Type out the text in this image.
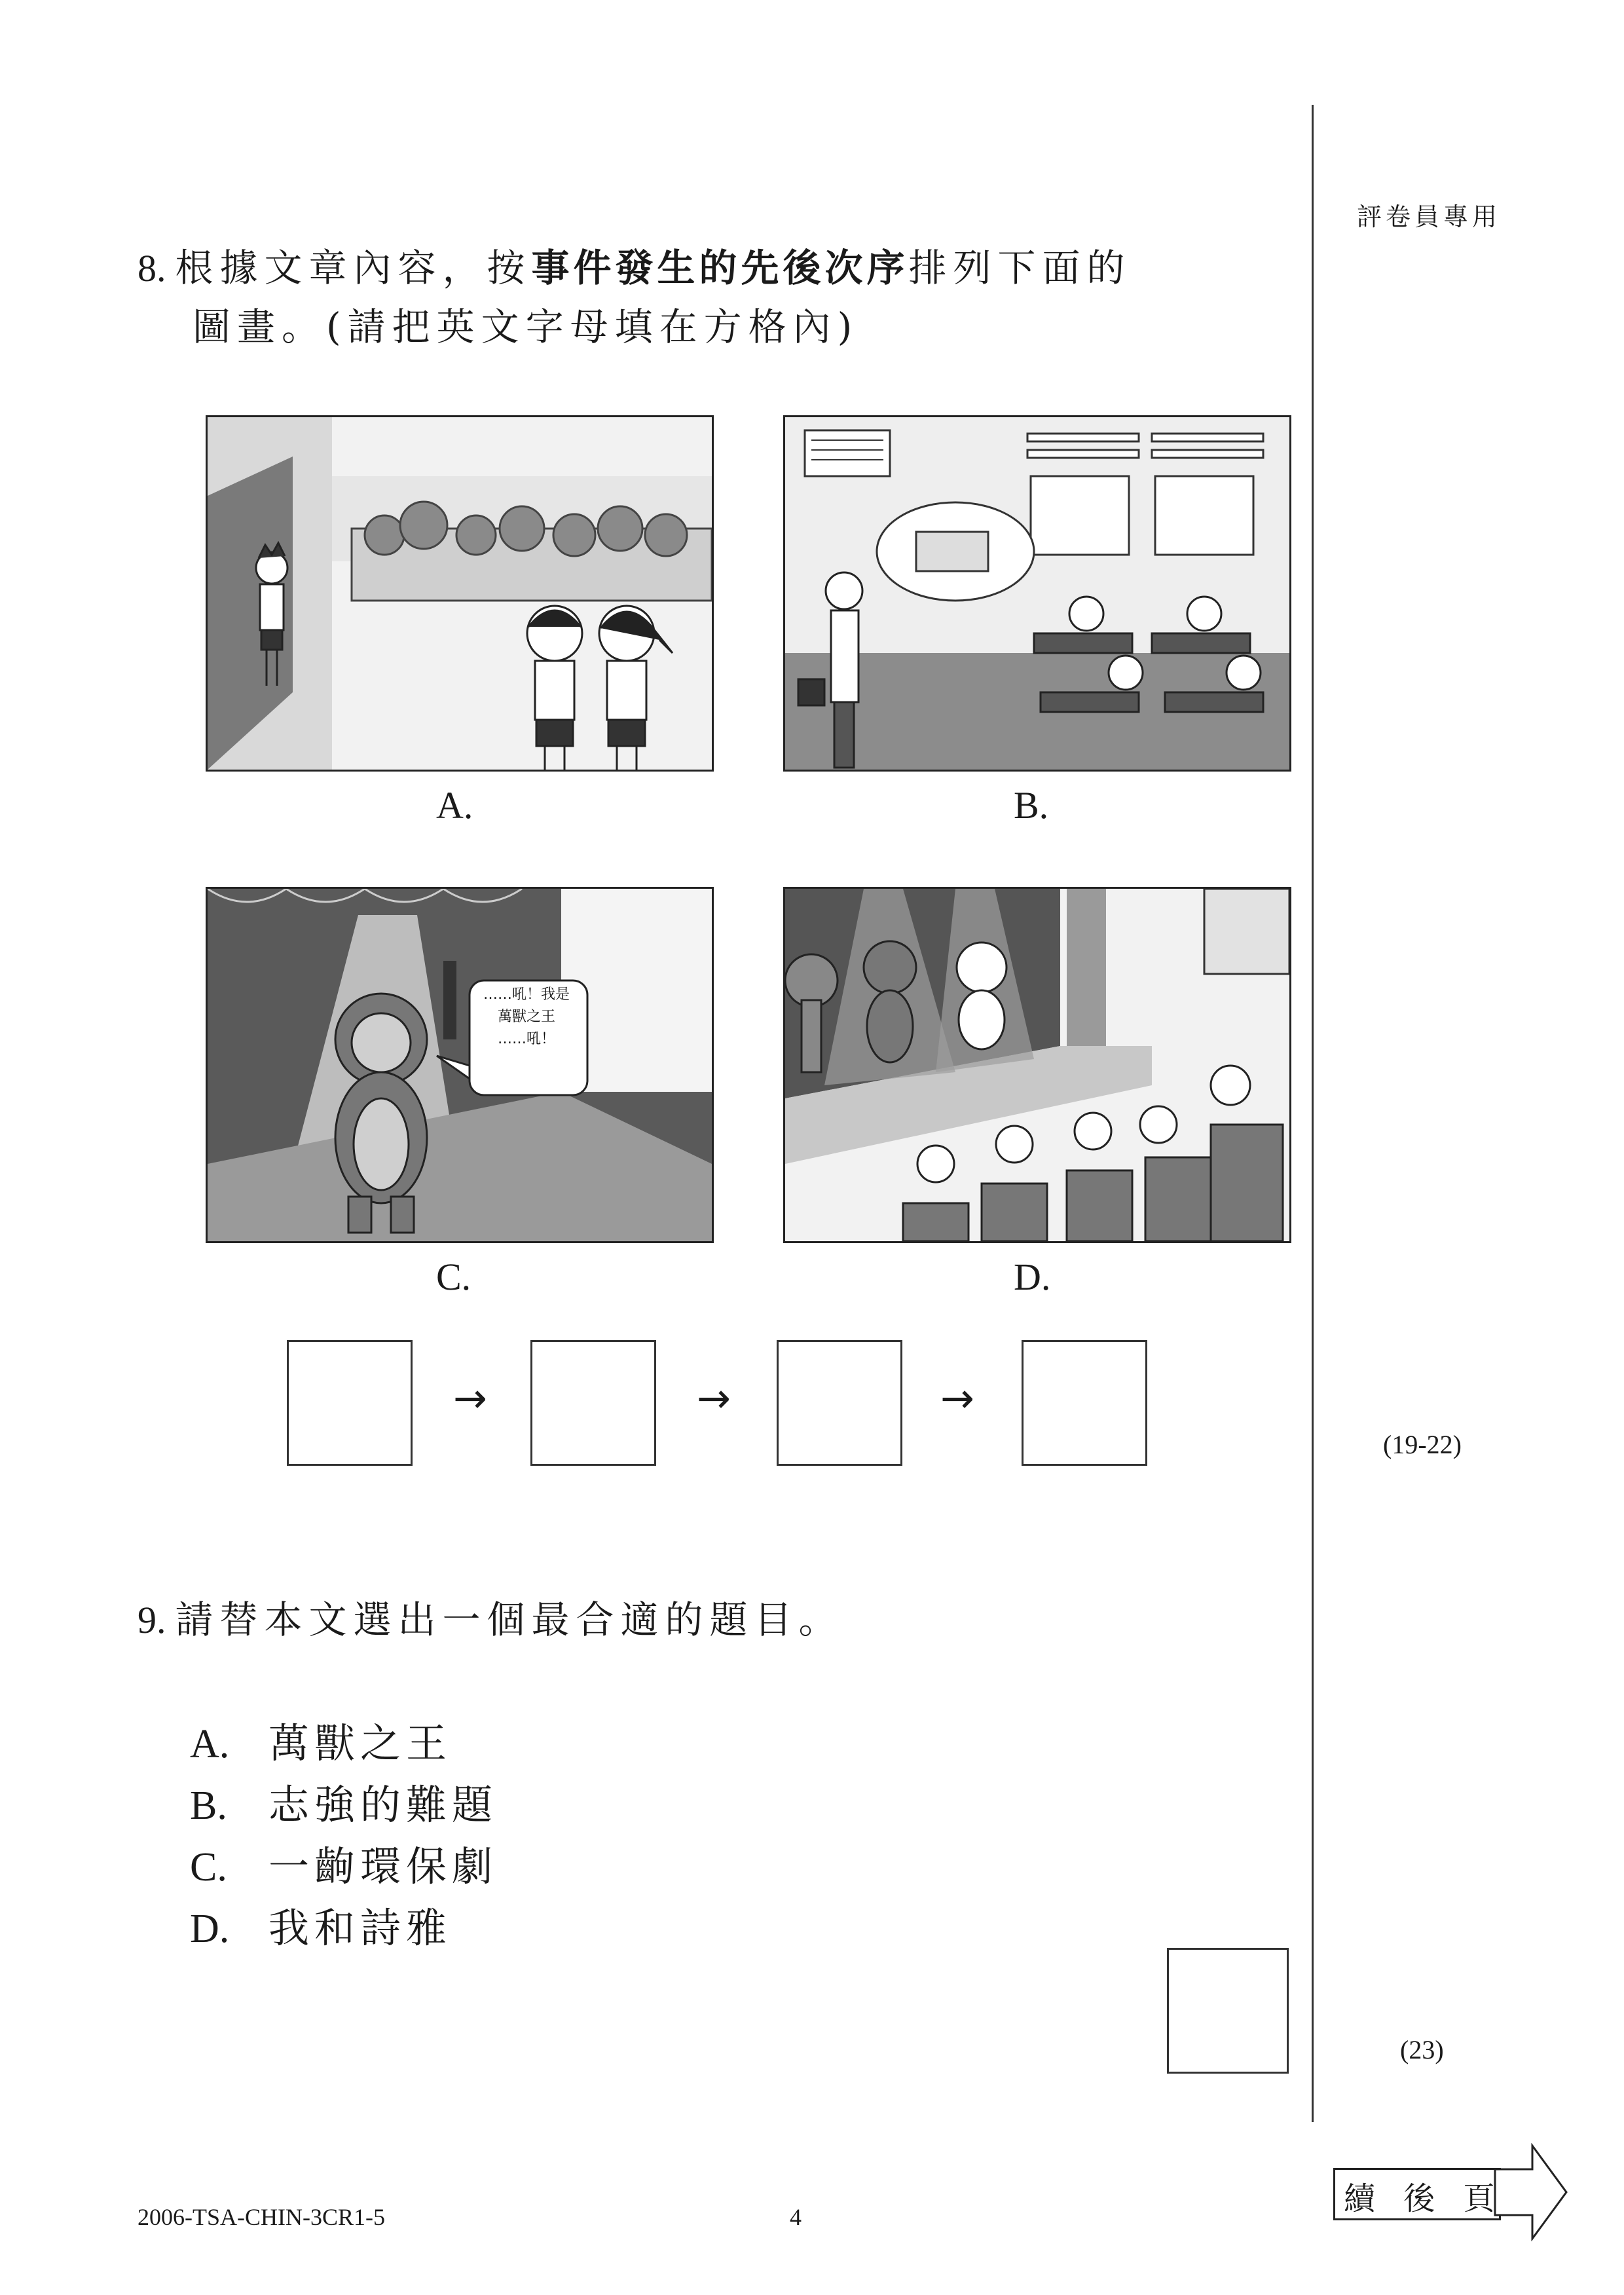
評卷員專用
(19-22)
(23)
8. 根據文章內容，按事件發生的先後次序排列下面的
圖畫。(請把英文字母填在方格內)
A.	B.
……吼！我是
萬獸之王
……吼！
C.	D.
→	→	→
9. 請替本文選出一個最合適的題目。
A. 萬獸之王
B. 志強的難題
C. 一齣環保劇
D. 我和詩雅
2006-TSA-CHIN-3CR1-5	4	續 後 頁
